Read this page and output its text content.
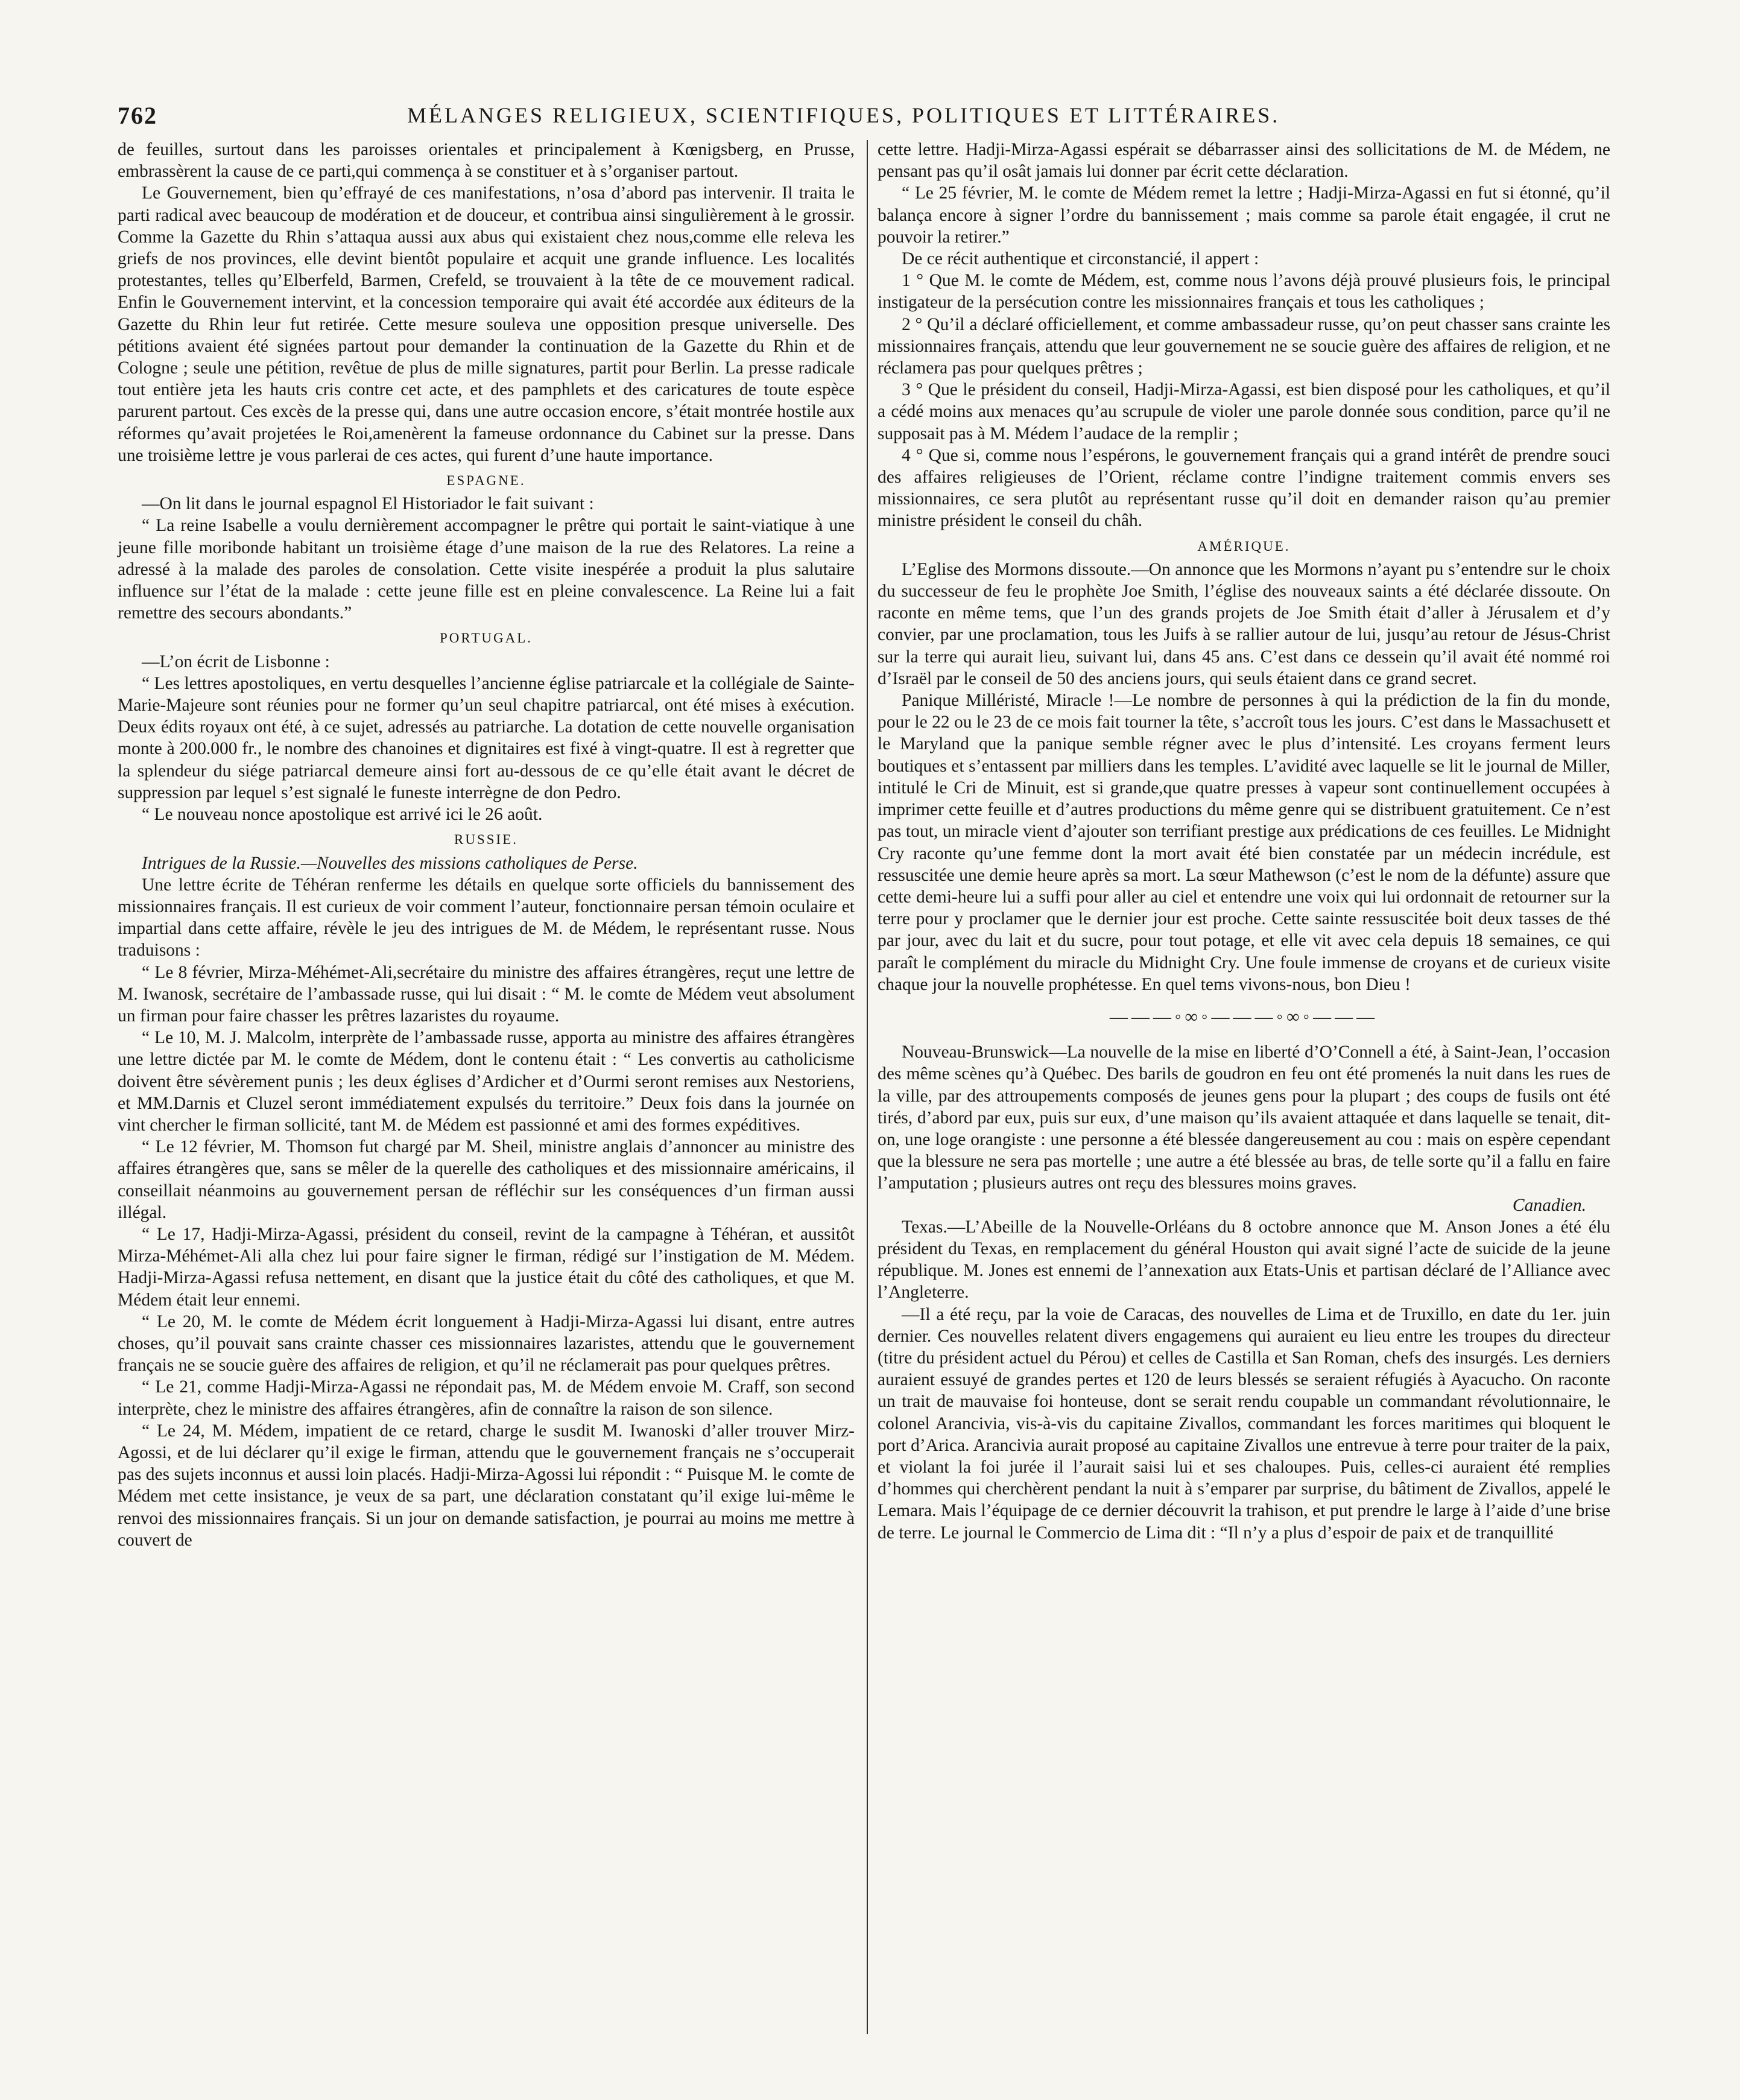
762	MÉLANGES RELIGIEUX, SCIENTIFIQUES, POLITIQUES ET LITTÉRAIRES.

de feuilles, surtout dans les paroisses orientales et principalement à Kœnigsberg, en Prusse, embrassèrent la cause de ce parti,qui commença à se constituer et à s’organiser partout.

Le Gouvernement, bien qu’effrayé de ces manifestations, n’osa d’abord pas intervenir. Il traita le parti radical avec beaucoup de modération et de douceur, et contribua ainsi singulièrement à le grossir. Comme la Gazette du Rhin s’attaqua aussi aux abus qui existaient chez nous,comme elle releva les griefs de nos provinces, elle devint bientôt populaire et acquit une grande influence. Les localités protestantes, telles qu’Elberfeld, Barmen, Crefeld, se trouvaient à la tête de ce mouvement radical. Enfin le Gouvernement intervint, et la concession temporaire qui avait été accordée aux éditeurs de la Gazette du Rhin leur fut retirée. Cette mesure souleva une opposition presque universelle. Des pétitions avaient été signées partout pour demander la continuation de la Gazette du Rhin et de Cologne ; seule une pétition, revêtue de plus de mille signatures, partit pour Berlin. La presse radicale tout entière jeta les hauts cris contre cet acte, et des pamphlets et des caricatures de toute espèce parurent partout. Ces excès de la presse qui, dans une autre occasion encore, s’était montrée hostile aux réformes qu’avait projetées le Roi,amenèrent la fameuse ordonnance du Cabinet sur la presse. Dans une troisième lettre je vous parlerai de ces actes, qui furent d’une haute importance.

ESPAGNE.

—On lit dans le journal espagnol El Historiador le fait suivant :

“ La reine Isabelle a voulu dernièrement accompagner le prêtre qui portait le saint-viatique à une jeune fille moribonde habitant un troisième étage d’une maison de la rue des Relatores. La reine a adressé à la malade des paroles de consolation. Cette visite inespérée a produit la plus salutaire influence sur l’état de la malade : cette jeune fille est en pleine convalescence. La Reine lui a fait remettre des secours abondants.”

PORTUGAL.

—L’on écrit de Lisbonne :

“ Les lettres apostoliques, en vertu desquelles l’ancienne église patriarcale et la collégiale de Sainte-Marie-Majeure sont réunies pour ne former qu’un seul chapitre patriarcal, ont été mises à exécution. Deux édits royaux ont été, à ce sujet, adressés au patriarche. La dotation de cette nouvelle organisation monte à 200.000 fr., le nombre des chanoines et dignitaires est fixé à vingt-quatre. Il est à regretter que la splendeur du siége patriarcal demeure ainsi fort au-dessous de ce qu’elle était avant le décret de suppression par lequel s’est signalé le funeste interrègne de don Pedro.

“ Le nouveau nonce apostolique est arrivé ici le 26 août.

RUSSIE.

Intrigues de la Russie.—Nouvelles des missions catholiques de Perse.

Une lettre écrite de Téhéran renferme les détails en quelque sorte officiels du bannissement des missionnaires français. Il est curieux de voir comment l’auteur, fonctionnaire persan témoin oculaire et impartial dans cette affaire, révèle le jeu des intrigues de M. de Médem, le représentant russe. Nous traduisons :

“ Le 8 février, Mirza-Méhémet-Ali,secrétaire du ministre des affaires étrangères, reçut une lettre de M. Iwanosk, secrétaire de l’ambassade russe, qui lui disait : “ M. le comte de Médem veut absolument un firman pour faire chasser les prêtres lazaristes du royaume.

“ Le 10, M. J. Malcolm, interprète de l’ambassade russe, apporta au ministre des affaires étrangères une lettre dictée par M. le comte de Médem, dont le contenu était : “ Les convertis au catholicisme doivent être sévèrement punis ; les deux églises d’Ardicher et d’Ourmi seront remises aux Nestoriens, et MM.Darnis et Cluzel seront immédiatement expulsés du territoire.” Deux fois dans la journée on vint chercher le firman sollicité, tant M. de Médem est passionné et ami des formes expéditives.

“ Le 12 février, M. Thomson fut chargé par M. Sheil, ministre anglais d’annoncer au ministre des affaires étrangères que, sans se mêler de la querelle des catholiques et des missionnaire américains, il conseillait néanmoins au gouvernement persan de réfléchir sur les conséquences d’un firman aussi illégal.

“ Le 17, Hadji-Mirza-Agassi, président du conseil, revint de la campagne à Téhéran, et aussitôt Mirza-Méhémet-Ali alla chez lui pour faire signer le firman, rédigé sur l’instigation de M. Médem. Hadji-Mirza-Agassi refusa nettement, en disant que la justice était du côté des catholiques, et que M. Médem était leur ennemi.

“ Le 20, M. le comte de Médem écrit longuement à Hadji-Mirza-Agassi lui disant, entre autres choses, qu’il pouvait sans crainte chasser ces missionnaires lazaristes, attendu que le gouvernement français ne se soucie guère des affaires de religion, et qu’il ne réclamerait pas pour quelques prêtres.

“ Le 21, comme Hadji-Mirza-Agassi ne répondait pas, M. de Médem envoie M. Craff, son second interprète, chez le ministre des affaires étrangères, afin de connaître la raison de son silence.

“ Le 24, M. Médem, impatient de ce retard, charge le susdit M. Iwanoski d’aller trouver Mirz-Agossi, et de lui déclarer qu’il exige le firman, attendu que le gouvernement français ne s’occuperait pas des sujets inconnus et aussi loin placés. Hadji-Mirza-Agossi lui répondit : “ Puisque M. le comte de Médem met cette insistance, je veux de sa part, une déclaration constatant qu’il exige lui-même le renvoi des missionnaires français. Si un jour on demande satisfaction, je pourrai au moins me mettre à couvert de

cette lettre. Hadji-Mirza-Agassi espérait se débarrasser ainsi des sollicitations de M. de Médem, ne pensant pas qu’il osât jamais lui donner par écrit cette déclaration.

“ Le 25 février, M. le comte de Médem remet la lettre ; Hadji-Mirza-Agassi en fut si étonné, qu’il balança encore à signer l’ordre du bannissement ; mais comme sa parole était engagée, il crut ne pouvoir la retirer.”

De ce récit authentique et circonstancié, il appert :

1 ° Que M. le comte de Médem, est, comme nous l’avons déjà prouvé plusieurs fois, le principal instigateur de la persécution contre les missionnaires français et tous les catholiques ;

2 ° Qu’il a déclaré officiellement, et comme ambassadeur russe, qu’on peut chasser sans crainte les missionnaires français, attendu que leur gouvernement ne se soucie guère des affaires de religion, et ne réclamera pas pour quelques prêtres ;

3 ° Que le président du conseil, Hadji-Mirza-Agassi, est bien disposé pour les catholiques, et qu’il a cédé moins aux menaces qu’au scrupule de violer une parole donnée sous condition, parce qu’il ne supposait pas à M. Médem l’audace de la remplir ;

4 ° Que si, comme nous l’espérons, le gouvernement français qui a grand intérêt de prendre souci des affaires religieuses de l’Orient, réclame contre l’indigne traitement commis envers ses missionnaires, ce sera plutôt au représentant russe qu’il doit en demander raison qu’au premier ministre président le conseil du châh.

AMÉRIQUE.

L’Eglise des Mormons dissoute.—On annonce que les Mormons n’ayant pu s’entendre sur le choix du successeur de feu le prophète Joe Smith, l’église des nouveaux saints a été déclarée dissoute. On raconte en même tems, que l’un des grands projets de Joe Smith était d’aller à Jérusalem et d’y convier, par une proclamation, tous les Juifs à se rallier autour de lui, jusqu’au retour de Jésus-Christ sur la terre qui aurait lieu, suivant lui, dans 45 ans. C’est dans ce dessein qu’il avait été nommé roi d’Israël par le conseil de 50 des anciens jours, qui seuls étaient dans ce grand secret.

Panique Milléristé, Miracle !—Le nombre de personnes à qui la prédiction de la fin du monde, pour le 22 ou le 23 de ce mois fait tourner la tête, s’accroît tous les jours. C’est dans le Massachusett et le Maryland que la panique semble régner avec le plus d’intensité. Les croyans ferment leurs boutiques et s’entassent par milliers dans les temples. L’avidité avec laquelle se lit le journal de Miller, intitulé le Cri de Minuit, est si grande,que quatre presses à vapeur sont continuellement occupées à imprimer cette feuille et d’autres productions du même genre qui se distribuent gratuitement. Ce n’est pas tout, un miracle vient d’ajouter son terrifiant prestige aux prédications de ces feuilles. Le Midnight Cry raconte qu’une femme dont la mort avait été bien constatée par un médecin incrédule, est ressuscitée une demie heure après sa mort. La sœur Mathewson (c’est le nom de la défunte) assure que cette demi-heure lui a suffi pour aller au ciel et entendre une voix qui lui ordonnait de retourner sur la terre pour y proclamer que le dernier jour est proche. Cette sainte ressuscitée boit deux tasses de thé par jour, avec du lait et du sucre, pour tout potage, et elle vit avec cela depuis 18 semaines, ce qui paraît le complément du miracle du Midnight Cry. Une foule immense de croyans et de curieux visite chaque jour la nouvelle prophétesse. En quel tems vivons-nous, bon Dieu !

———◦∞◦———◦∞◦———

Nouveau-Brunswick—La nouvelle de la mise en liberté d’O’Connell a été, à Saint-Jean, l’occasion des même scènes qu’à Québec. Des barils de goudron en feu ont été promenés la nuit dans les rues de la ville, par des attroupements composés de jeunes gens pour la plupart ; des coups de fusils ont été tirés, d’abord par eux, puis sur eux, d’une maison qu’ils avaient attaquée et dans laquelle se tenait, dit-on, une loge orangiste : une personne a été blessée dangereusement au cou : mais on espère cependant que la blessure ne sera pas mortelle ; une autre a été blessée au bras, de telle sorte qu’il a fallu en faire l’amputation ; plusieurs autres ont reçu des blessures moins graves.

Canadien.

Texas.—L’Abeille de la Nouvelle-Orléans du 8 octobre annonce que M. Anson Jones a été élu président du Texas, en remplacement du général Houston qui avait signé l’acte de suicide de la jeune république. M. Jones est ennemi de l’annexation aux Etats-Unis et partisan déclaré de l’Alliance avec l’Angleterre.

—Il a été reçu, par la voie de Caracas, des nouvelles de Lima et de Truxillo, en date du 1er. juin dernier. Ces nouvelles relatent divers engagemens qui auraient eu lieu entre les troupes du directeur (titre du président actuel du Pérou) et celles de Castilla et San Roman, chefs des insurgés. Les derniers auraient essuyé de grandes pertes et 120 de leurs blessés se seraient réfugiés à Ayacucho. On raconte un trait de mauvaise foi honteuse, dont se serait rendu coupable un commandant révolutionnaire, le colonel Arancivia, vis-à-vis du capitaine Zivallos, commandant les forces maritimes qui bloquent le port d’Arica. Arancivia aurait proposé au capitaine Zivallos une entrevue à terre pour traiter de la paix, et violant la foi jurée il l’aurait saisi lui et ses chaloupes. Puis, celles-ci auraient été remplies d’hommes qui cherchèrent pendant la nuit à s’emparer par surprise, du bâtiment de Zivallos, appelé le Lemara. Mais l’équipage de ce dernier découvrit la trahison, et put prendre le large à l’aide d’une brise de terre. Le journal le Commercio de Lima dit : “Il n’y a plus d’espoir de paix et de tranquillité
